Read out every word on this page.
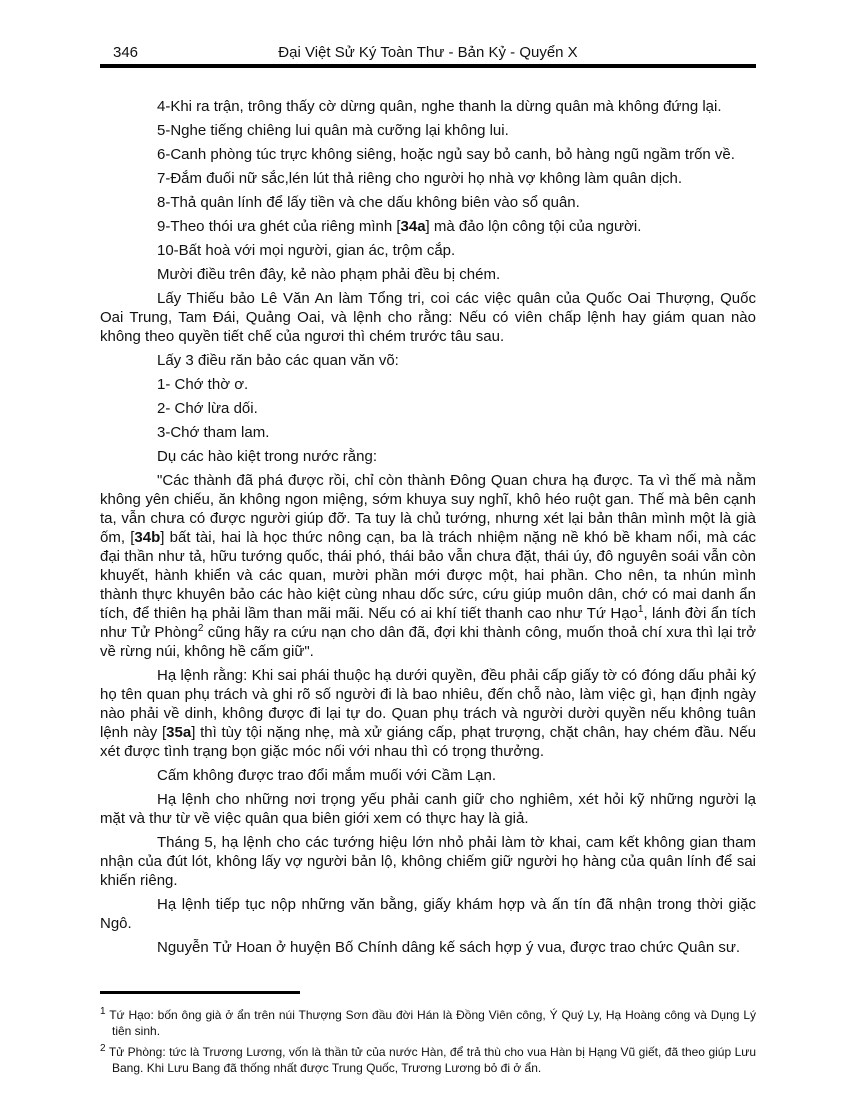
346	Đại Việt Sử Ký Toàn Thư - Bản Kỷ - Quyển X

4-Khi ra trận, trông thấy cờ dừng quân, nghe thanh la dừng quân mà không đứng lại.

5-Nghe tiếng chiêng lui quân mà cưỡng lại không lui.

6-Canh phòng túc trực không siêng, hoặc ngủ say bỏ canh, bỏ hàng ngũ ngầm trốn về.

7-Đắm đuối nữ sắc,lén lút thả riêng cho người họ nhà vợ không làm quân dịch.

8-Thả quân lính để lấy tiền và che dấu không biên vào sổ quân.

9-Theo thói ưa ghét của riêng mình [34a] mà đảo lộn công tội của người.

10-Bất hoà với mọi người, gian ác, trộm cắp.

Mười điều trên đây, kẻ nào phạm phải đều bị chém.

Lấy Thiếu bảo Lê Văn An làm Tổng tri, coi các việc quân của Quốc Oai Thượng, Quốc Oai Trung, Tam Đái, Quảng Oai, và lệnh cho rằng: Nếu có viên chấp lệnh hay giám quan nào không theo quyền tiết chế của ngươi thì chém trước tâu sau.

Lấy 3 điều răn bảo các quan văn võ:

1- Chớ thờ ơ.

2- Chớ lừa dối.

3-Chớ tham lam.

Dụ các hào kiệt trong nước rằng:

"Các thành đã phá được rồi, chỉ còn thành Đông Quan chưa hạ được. Ta vì thế mà nằm không yên chiếu, ăn không ngon miệng, sớm khuya suy nghĩ, khô héo ruột gan. Thế mà bên cạnh ta, vẫn chưa có được người giúp đỡ. Ta tuy là chủ tướng, nhưng xét lại bản thân mình một là già ốm, [34b] bất tài, hai là học thức nông cạn, ba là trách nhiệm nặng nề khó bề kham nổi, mà các đại thần như tả, hữu tướng quốc, thái phó, thái bảo vẫn chưa đặt, thái úy, đô nguyên soái vẫn còn khuyết, hành khiển và các quan, mười phần mới được một, hai phần. Cho nên, ta nhún mình thành thực khuyên bảo các hào kiệt cùng nhau dốc sức, cứu giúp muôn dân, chớ có mai danh ẩn tích, để thiên hạ phải lầm than mãi mãi. Nếu có ai khí tiết thanh cao như Tứ Hạo$^1$, lánh đời ẩn tích như Tử Phòng$^2$ cũng hãy ra cứu nạn cho dân đã, đợi khi thành công, muốn thoả chí xưa thì lại trở về rừng núi, không hề cấm giữ".

Hạ lệnh rằng: Khi sai phái thuộc hạ dưới quyền, đều phải cấp giấy tờ có đóng dấu phải ký họ tên quan phụ trách và ghi rõ số người đi là bao nhiêu, đến chỗ nào, làm việc gì, hạn định ngày nào phải về dinh, không được đi lại tự do. Quan phụ trách và người dười quyền nếu không tuân lệnh này [35a] thì tùy tội nặng nhẹ, mà xử giáng cấp, phạt trượng, chặt chân, hay chém đầu. Nếu xét được tình trạng bọn giặc móc nối với nhau thì có trọng thưởng.

Cấm không được trao đổi mắm muối với Cầm Lạn.

Hạ lệnh cho những nơi trọng yếu phải canh giữ cho nghiêm, xét hỏi kỹ những người lạ mặt và thư từ về việc quân qua biên giới xem có thực hay là giả.

Tháng 5, hạ lệnh cho các tướng hiệu lớn nhỏ phải làm tờ khai, cam kết không gian tham nhận của đút lót, không lấy vợ người bản lộ, không chiếm giữ người họ hàng của quân lính để sai khiến riêng.

Hạ lệnh tiếp tục nộp những văn bằng, giấy khám hợp và ấn tín đã nhận trong thời giặc Ngô.

Nguyễn Tử Hoan ở huyện Bố Chính dâng kế sách hợp ý vua, được trao chức Quân sư.

$^1$ Tứ Hạo: bốn ông già ở ẩn trên núi Thượng Sơn đầu đời Hán là Đồng Viên công, Ý Quý Ly, Hạ Hoàng công và Dụng Lý tiên sinh.

$^2$ Tử Phòng: tức là Trương Lương, vốn là thần tử của nước Hàn, để trả thù cho vua Hàn bị Hạng Vũ giết, đã theo giúp Lưu Bang. Khi Lưu Bang đã thống nhất được Trung Quốc, Trương Lương bỏ đi ở ẩn.
